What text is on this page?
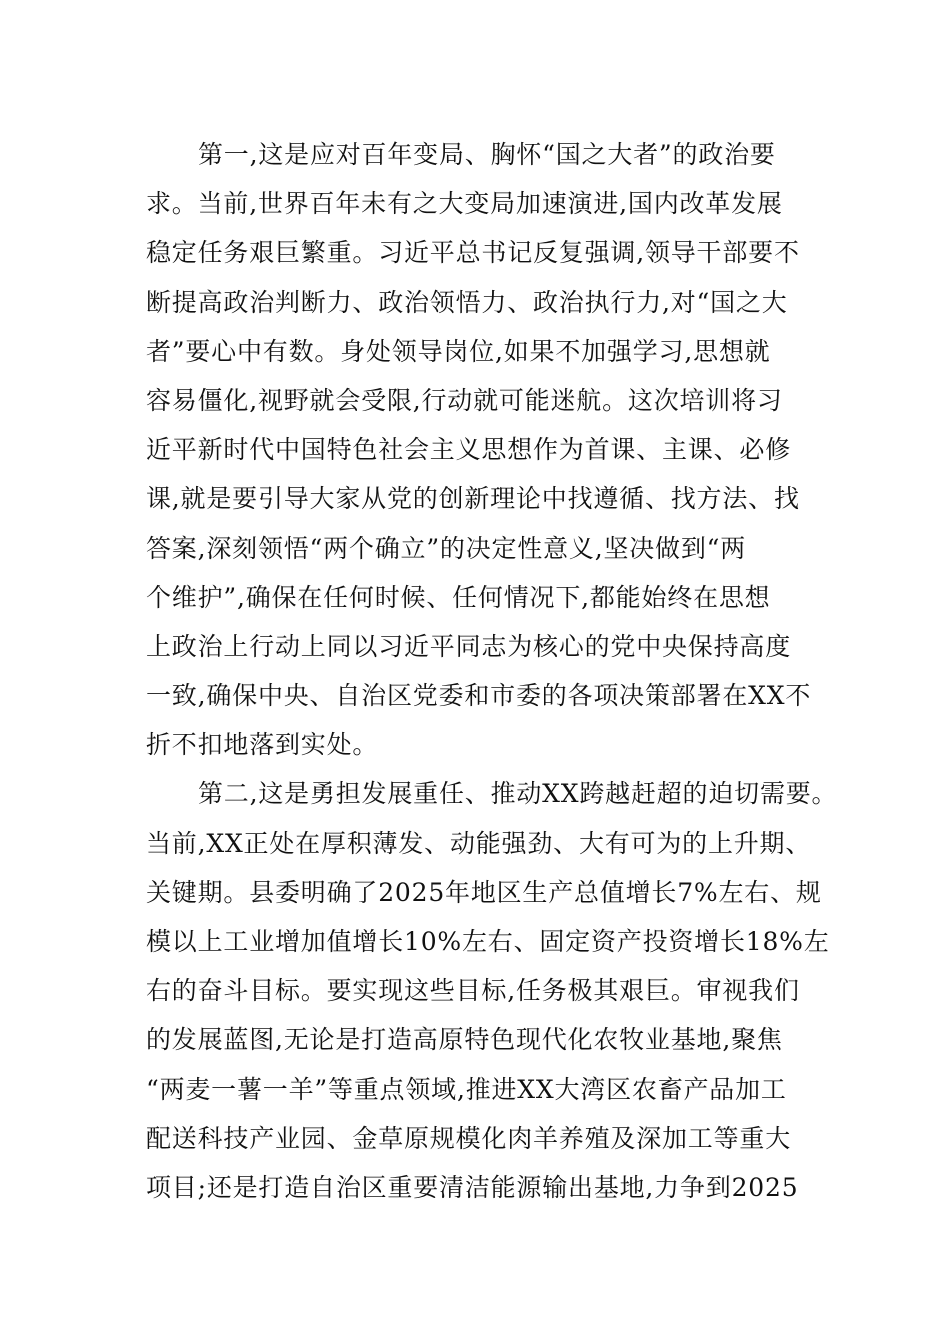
第一,这是应对百年变局、胸怀“国之大者”的政治要
求。当前,世界百年未有之大变局加速演进,国内改革发展
稳定任务艰巨繁重。习近平总书记反复强调,领导干部要不
断提高政治判断力、政治领悟力、政治执行力,对“国之大
者”要心中有数。身处领导岗位,如果不加强学习,思想就
容易僵化,视野就会受限,行动就可能迷航。这次培训将习
近平新时代中国特色社会主义思想作为首课、主课、必修
课,就是要引导大家从党的创新理论中找遵循、找方法、找
答案,深刻领悟“两个确立”的决定性意义,坚决做到“两
个维护”,确保在任何时候、任何情况下,都能始终在思想
上政治上行动上同以习近平同志为核心的党中央保持高度
一致,确保中央、自治区党委和市委的各项决策部署在XX不
折不扣地落到实处。
第二,这是勇担发展重任、推动XX跨越赶超的迫切需要。
当前,XX正处在厚积薄发、动能强劲、大有可为的上升期、
关键期。县委明确了2025年地区生产总值增长7%左右、规
模以上工业增加值增长10%左右、固定资产投资增长18%左
右的奋斗目标。要实现这些目标,任务极其艰巨。审视我们
的发展蓝图,无论是打造高原特色现代化农牧业基地,聚焦
“两麦一薯一羊”等重点领域,推进XX大湾区农畜产品加工
配送科技产业园、金草原规模化肉羊养殖及深加工等重大
项目;还是打造自治区重要清洁能源输出基地,力争到2025
